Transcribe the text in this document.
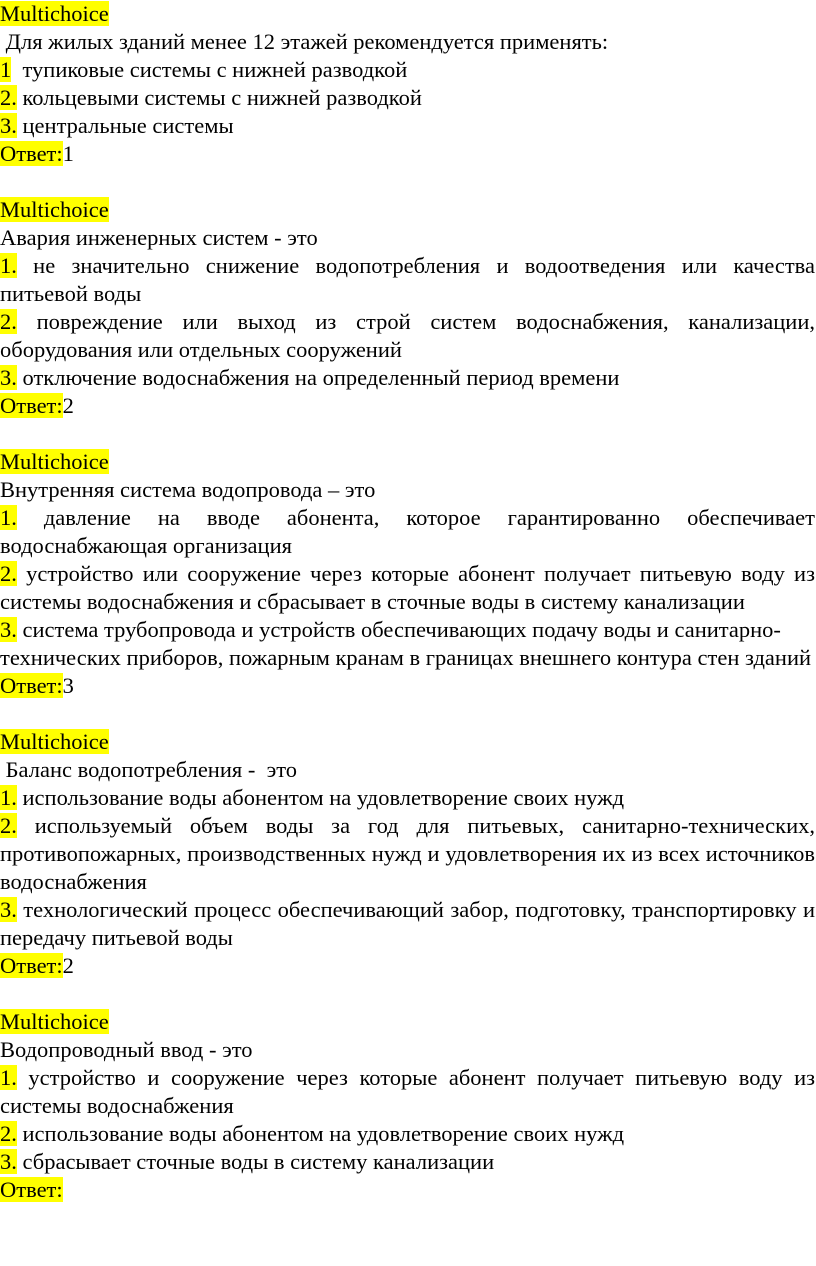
Multichoice

Для жилых зданий менее 12 этажей рекомендуется применять:

1  тупиковые системы с нижней разводкой

2. кольцевыми системы с нижней разводкой

3. центральные системы

Ответ:1

Multichoice

Авария инженерных систем - это

1. не значительно снижение водопотребления и водоотведения или качества питьевой воды

2. повреждение или выход из строй систем водоснабжения, канализации, оборудования или отдельных сооружений

3. отключение водоснабжения на определенный период времени

Ответ:2

Multichoice

Внутренняя система водопровода – это

1. давление на вводе абонента, которое гарантированно обеспечивает водоснабжающая организация

2. устройство или сооружение через которые абонент получает питьевую воду из системы водоснабжения и сбрасывает в сточные воды в систему канализации

3. система трубопровода и устройств обеспечивающих подачу воды и санитарно-технических приборов, пожарным кранам в границах внешнего контура стен зданий

Ответ:3

Multichoice

Баланс водопотребления -  это

1. использование воды абонентом на удовлетворение своих нужд

2. используемый объем воды за год для питьевых, санитарно-технических, противопожарных, производственных нужд и удовлетворения их из всех источников водоснабжения

3. технологический процесс обеспечивающий забор, подготовку, транспортировку и передачу питьевой воды

Ответ:2

Multichoice

Водопроводный ввод - это

1. устройство и сооружение через которые абонент получает питьевую воду из системы водоснабжения

2. использование воды абонентом на удовлетворение своих нужд

3. сбрасывает сточные воды в систему канализации

Ответ:
